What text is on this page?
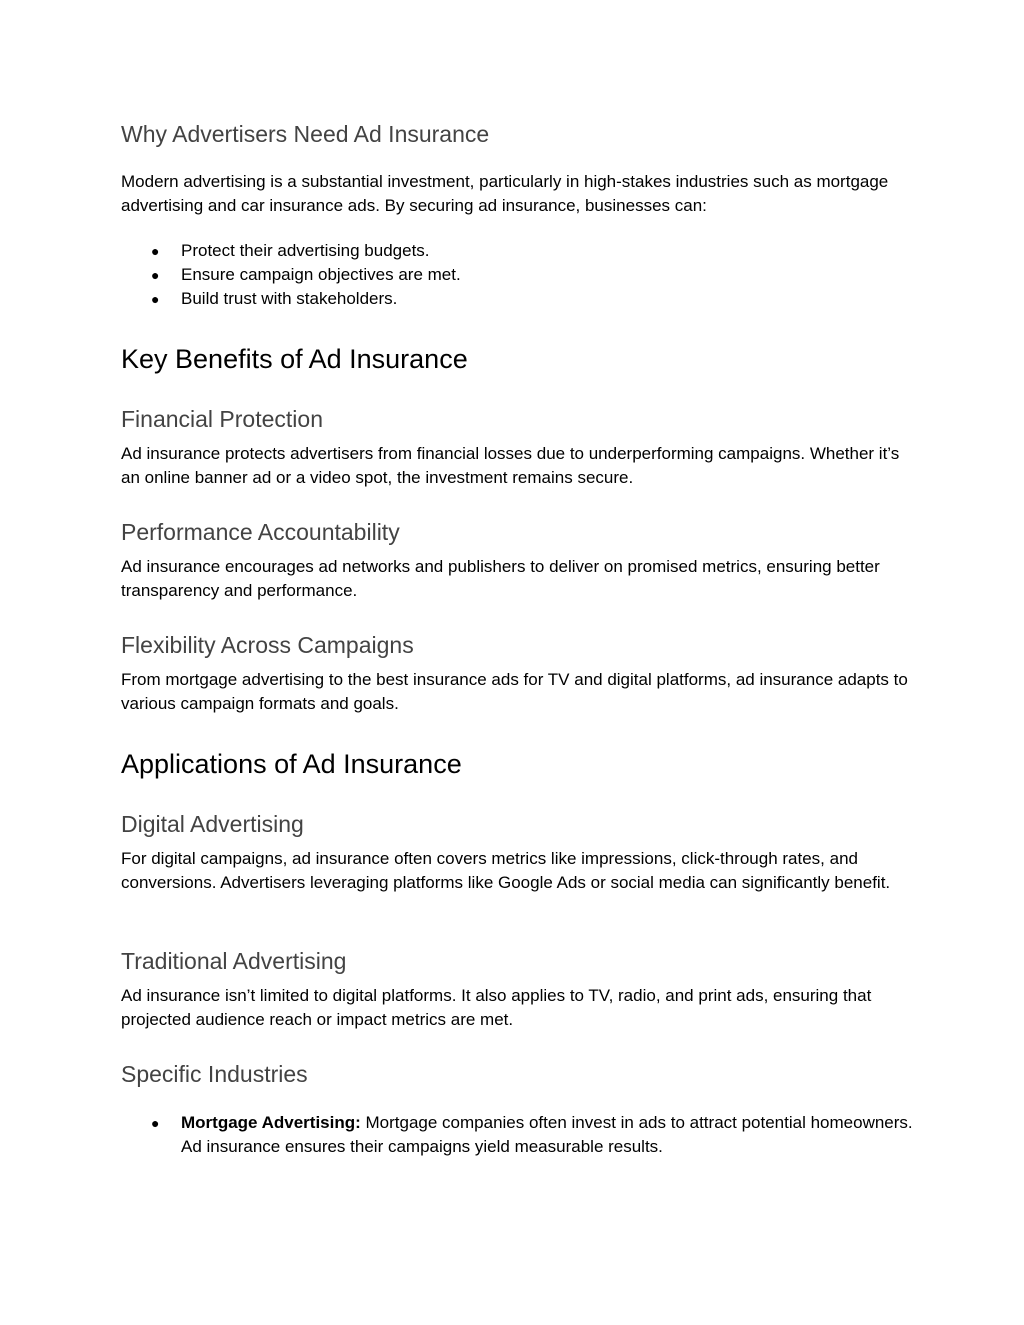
Why Advertisers Need Ad Insurance

Modern advertising is a substantial investment, particularly in high-stakes industries such as mortgage advertising and car insurance ads. By securing ad insurance, businesses can:

● Protect their advertising budgets.
● Ensure campaign objectives are met.
● Build trust with stakeholders.
Key Benefits of Ad Insurance
Financial Protection

Ad insurance protects advertisers from financial losses due to underperforming campaigns. Whether it’s an online banner ad or a video spot, the investment remains secure.

Performance Accountability

Ad insurance encourages ad networks and publishers to deliver on promised metrics, ensuring better transparency and performance.

Flexibility Across Campaigns

From mortgage advertising to the best insurance ads for TV and digital platforms, ad insurance adapts to various campaign formats and goals.

Applications of Ad Insurance
Digital Advertising

For digital campaigns, ad insurance often covers metrics like impressions, click-through rates, and conversions. Advertisers leveraging platforms like Google Ads or social media can significantly benefit.

Traditional Advertising

Ad insurance isn’t limited to digital platforms. It also applies to TV, radio, and print ads, ensuring that projected audience reach or impact metrics are met.

Specific Industries
● Mortgage Advertising: Mortgage companies often invest in ads to attract potential homeowners. Ad insurance ensures their campaigns yield measurable results.
